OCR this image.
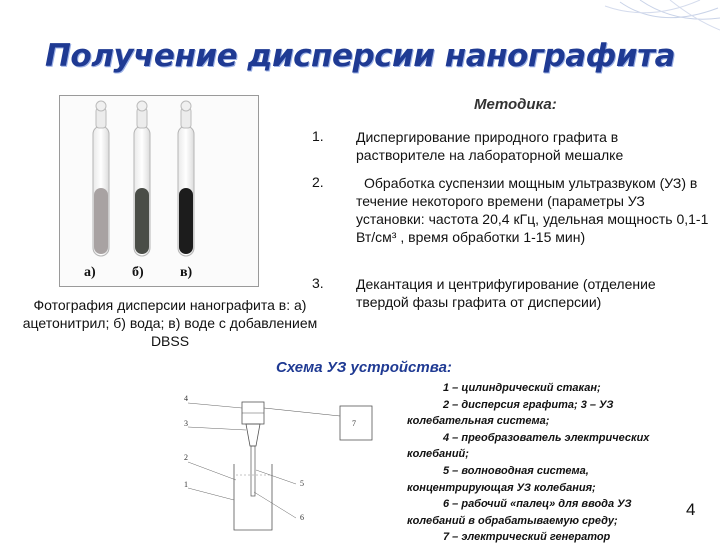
Получение дисперсии нанографита
а)	б)	в)
Фотография дисперсии нанографита в: а) ацетонитрил; б) вода; в) воде с добавлением DBSS
Методика:
1. Диспергирование природного графита в растворителе на лабораторной мешалке
2.	Обработка суспензии мощным ультразвуком (УЗ) в течение некоторого времени (параметры УЗ установки: частота 20,4 кГц, удельная мощность 0,1-1 Вт/см³ , время обработки 1-15 мин)
3. Декантация и центрифугирование (отделение твердой фазы графита от дисперсии)
Схема УЗ устройства:
4
3
2
1	5
6
7
1 – цилиндрический стакан;
2 – дисперсия графита; 3 – УЗ
колебательная система;
4 – преобразователь электрических
колебаний;
5 – волноводная система,
концентрирующая УЗ колебания;
6 – рабочий «палец» для ввода УЗ
колебаний в обрабатываемую среду;
7 – электрический генератор
4
